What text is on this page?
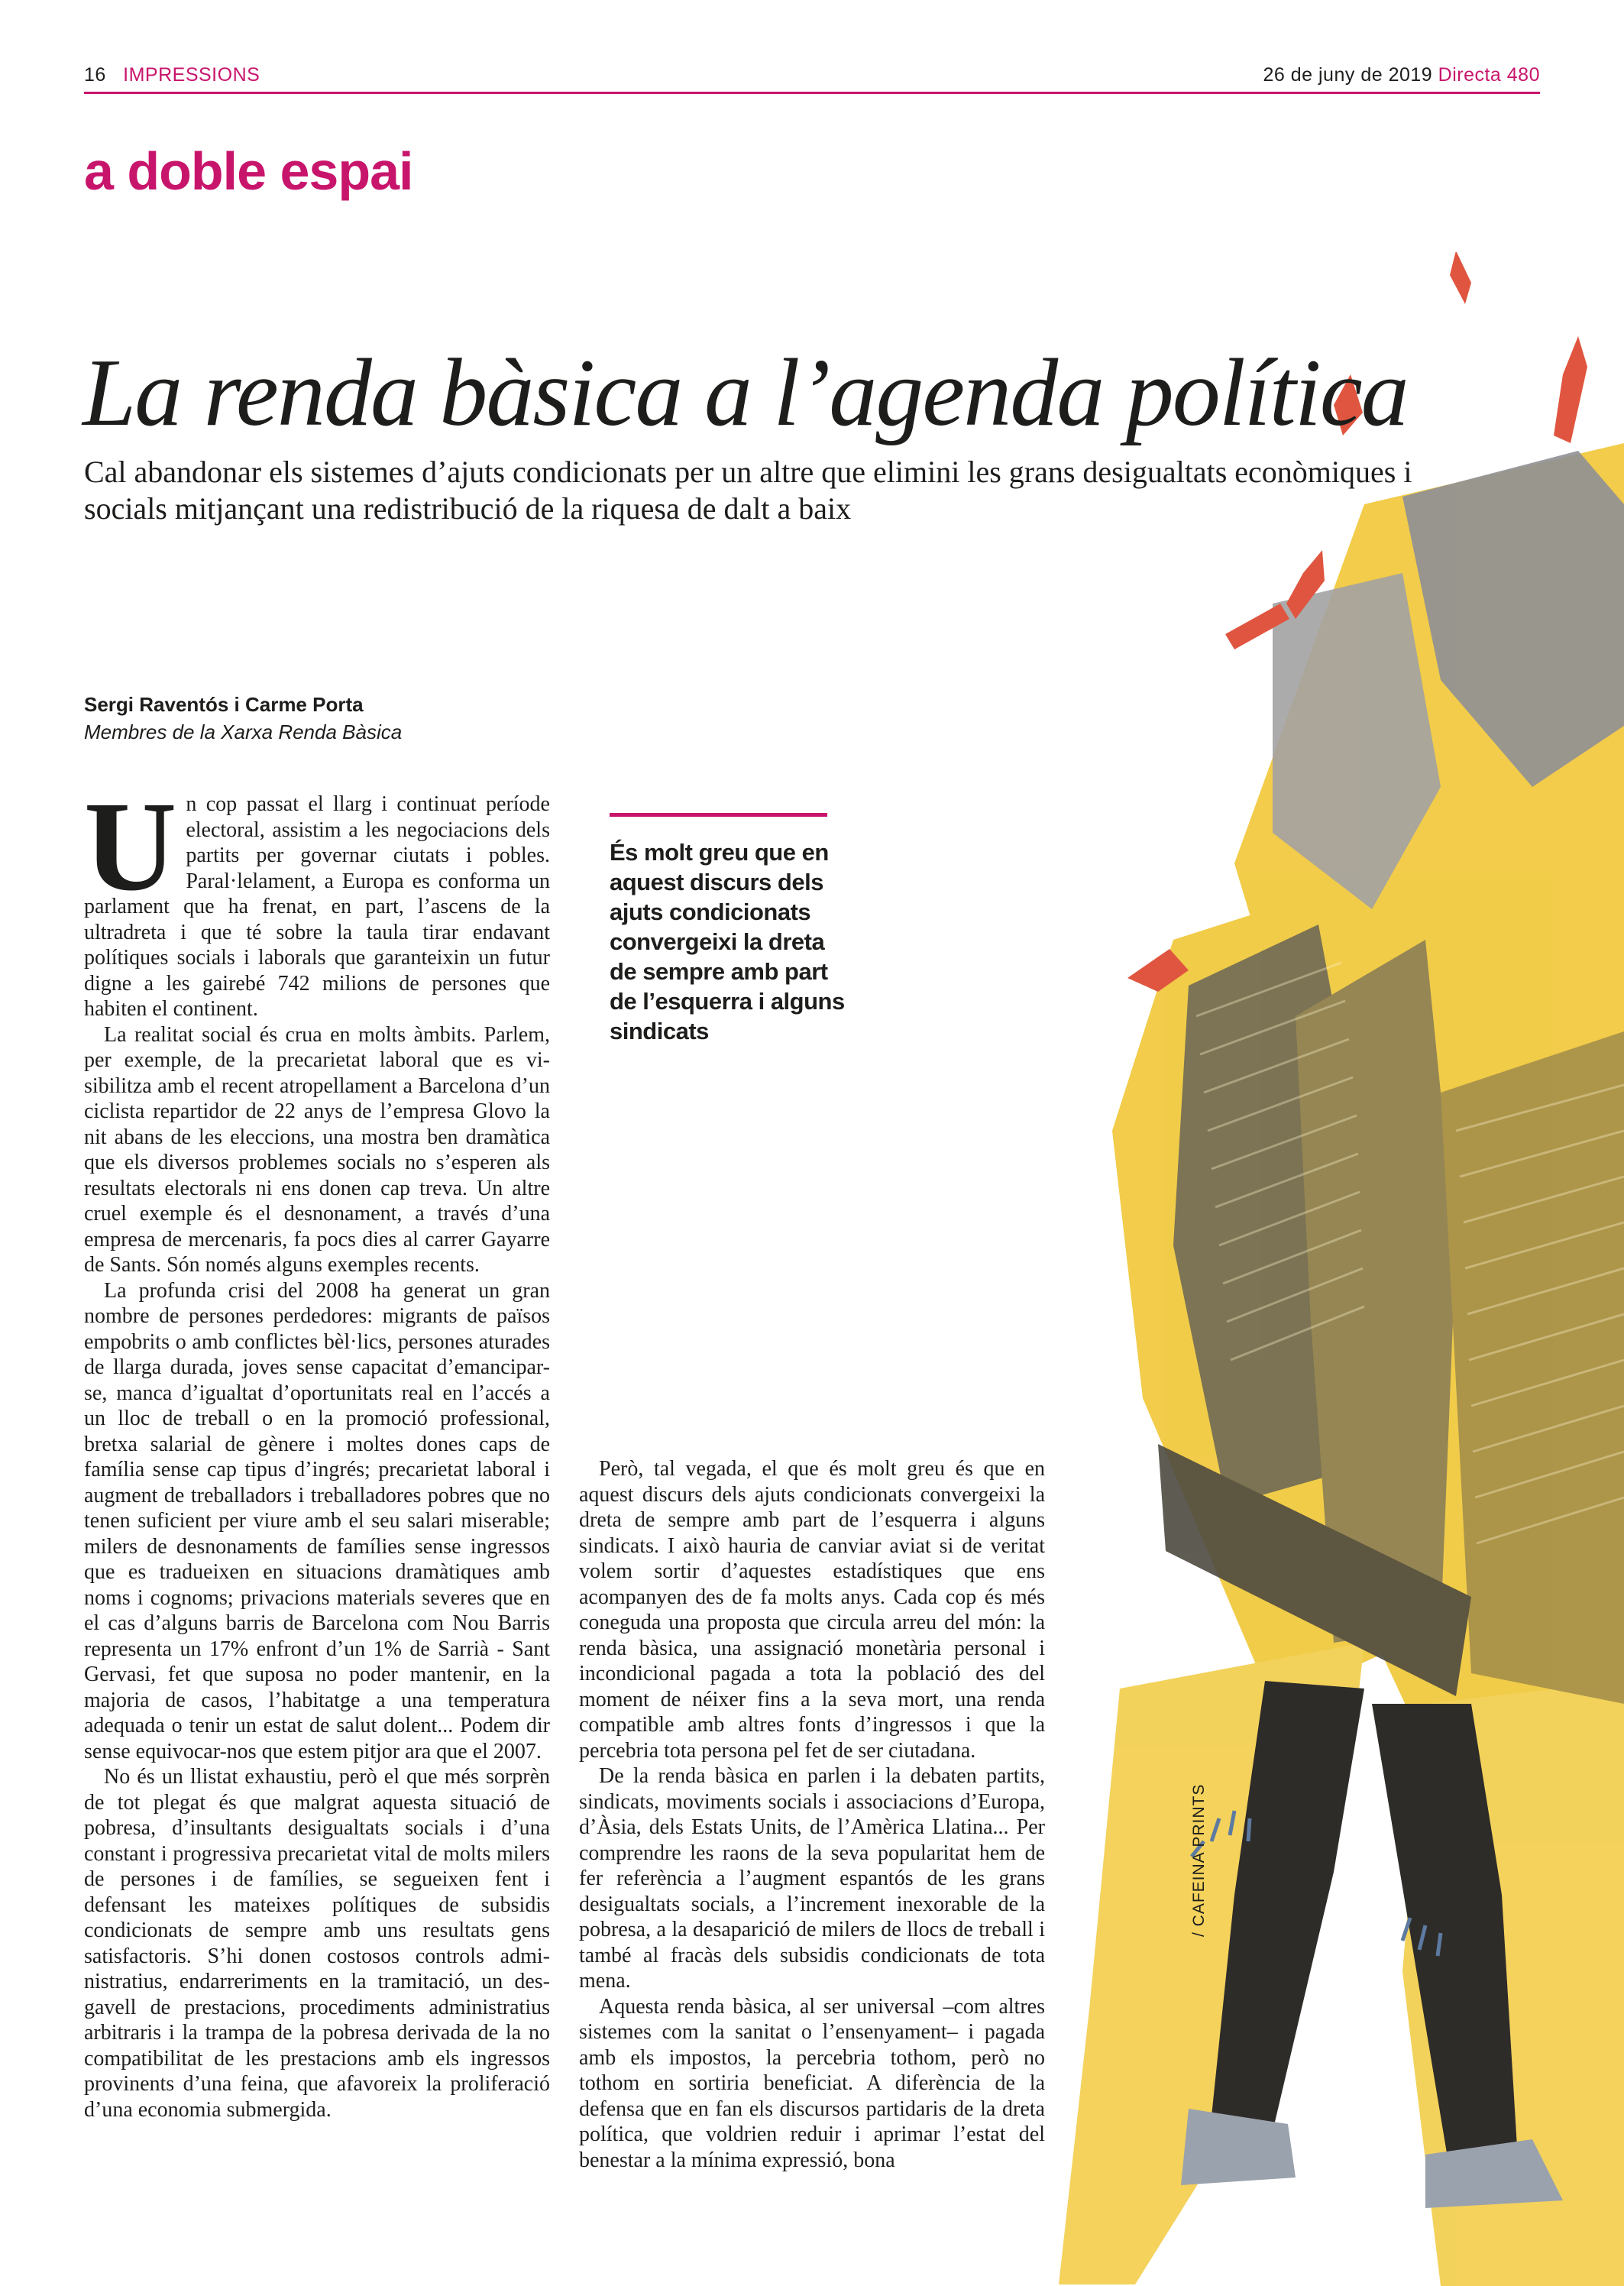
16 IMPRESSIONS	26 de juny de 2019 Directa 480
a doble espai
La renda bàsica a l’agenda política

Cal abandonar els sistemes d’ajuts condicionats per un altre que elimini les grans desigualtats econòmiques i socials mitjançant una redistribució de la riquesa de dalt a baix

Sergi Raventós i Carme Porta
Membres de la Xarxa Renda Bàsica

Un cop passat el llarg i continuat període electoral, assistim a les negociacions dels partits per governar ciutats i pobles. Paral·lelament, a Europa es conforma un parlament que ha frenat, en part, l’ascens de la ultradreta i que té sobre la taula tirar endavant polítiques socials i laborals que garanteixin un futur digne a les gairebé 742 milions de persones que habiten el continent.

La realitat social és crua en molts àmbits. Parlem, per exemple, de la precarietat laboral que es visibilitza amb el recent atropellament a Barcelona d’un ciclista repartidor de 22 anys de l’empresa Glovo la nit abans de les eleccions, una mostra ben dramàtica que els diversos problemes socials no s’esperen als resultats electorals ni ens donen cap treva. Un altre cruel exemple és el desnonament, a través d’una empresa de mercenaris, fa pocs dies al carrer Gayarre de Sants. Són només alguns exemples recents.

La profunda crisi del 2008 ha generat un gran nombre de persones perdedores: migrants de països empobrits o amb conflictes bèl·lics, persones aturades de llarga durada, joves sense capacitat d’emancipar-se, manca d’igualtat d’oportunitats real en l’accés a un lloc de treball o en la promoció professional, bretxa salarial de gènere i moltes dones caps de família sense cap tipus d’ingrés; precarietat laboral i augment de treballadors i treballadores pobres que no tenen suficient per viure amb el seu salari miserable; milers de desnonaments de famílies sense ingressos que es tradueixen en situacions dramàtiques amb noms i cognoms; privacions materials severes que en el cas d’alguns barris de Barcelona com Nou Barris representa un 17% enfront d’un 1% de Sarrià - Sant Gervasi, fet que suposa no poder mantenir, en la majoria de casos, l’habitatge a una temperatura adequada o tenir un estat de salut dolent... Podem dir sense equivocar-nos que estem pitjor ara que el 2007.

No és un llistat exhaustiu, però el que més sorprèn de tot plegat és que malgrat aquesta situació de pobresa, d’insultants desigualtats socials i d’una constant i progressiva precarietat vital de molts milers de persones i de famílies, se segueixen fent i defensant les mateixes polítiques de subsidis condicionats de sempre amb uns resultats gens satisfactoris. S’hi donen costosos controls administratius, endarreriments en la tramitació, un desgavell de prestacions, procediments administratius arbitraris i la trampa de la pobresa derivada de la no compatibilitat de les prestacions amb els ingressos provinents d’una feina, que afavoreix la proliferació d’una economia submergida.

És molt greu que en aquest discurs dels ajuts condicionats convergeixi la dreta de sempre amb part de l’esquerra i alguns sindicats

Però, tal vegada, el que és molt greu és que en aquest discurs dels ajuts condicionats convergeixi la dreta de sempre amb part de l’esquerra i alguns sindicats. I això hauria de canviar aviat si de veritat volem sortir d’aquestes estadístiques que ens acompanyen des de fa molts anys. Cada cop és més coneguda una proposta que circula arreu del món: la renda bàsica, una assignació monetària personal i incondicional pagada a tota la població des del moment de néixer fins a la seva mort, una renda compatible amb altres fonts d’ingressos i que la percebria tota persona pel fet de ser ciutadana.

De la renda bàsica en parlen i la debaten partits, sindicats, moviments socials i associacions d’Europa, d’Àsia, dels Estats Units, de l’Amèrica Llatina... Per comprendre les raons de la seva popularitat hem de fer referència a l’augment espantós de les grans desigualtats socials, a l’increment inexorable de la pobresa, a la desaparició de milers de llocs de treball i també al fracàs dels subsidis condicionats de tota mena.

Aquesta renda bàsica, al ser universal –com altres sistemes com la sanitat o l’ensenyament– i pagada amb els impostos, la percebria tothom, però no tothom en sortiria beneficiat. A diferència de la defensa que en fan els discursos partidaris de la dreta política, que voldrien reduir i aprimar l’estat del benestar a la mínima expressió, bona

/ CAFEINA PRINTS
